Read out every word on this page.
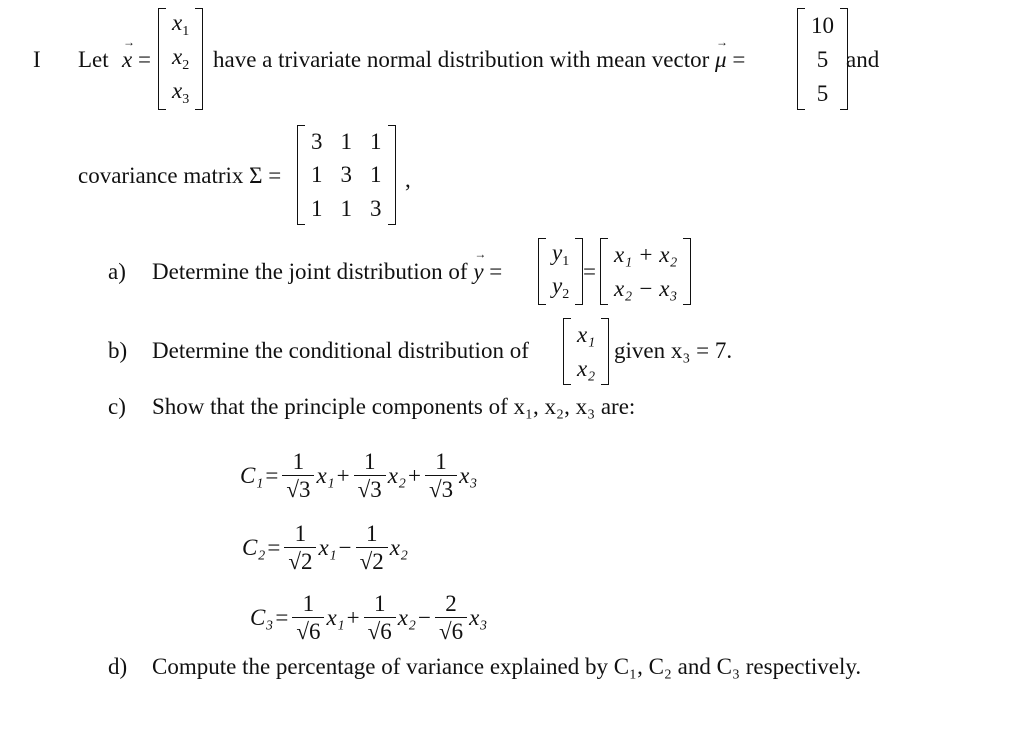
I Let → x =
$x_1$
$x_2$
$x_3$
have a trivariate normal distribution with mean vector → μ =
10
5
5
and
covariance matrix Σ =
3 1 1
1 3 1
1 1 3
,
a) Determine the joint distribution of → y =
$y_1$
$y_2$
=
x₁ + x₂
x₂ − x₃
b) Determine the conditional distribution of
x₁
x₂
given x₃ = 7.
c) Show that the principle components of x₁, x₂, x₃ are:
$C_1 = \frac{1}{√3} x_1 + \frac{1}{√3} x_2 + \frac{1}{√3} x_3$
$C_2 = \frac{1}{√2} x_1 - \frac{1}{√2} x_2$
$C_3 = \frac{1}{√6} x_1 + \frac{1}{√6} x_2 - \frac{2}{√6} x_3$
d) Compute the percentage of variance explained by C₁, C₂ and C₃ respectively.
